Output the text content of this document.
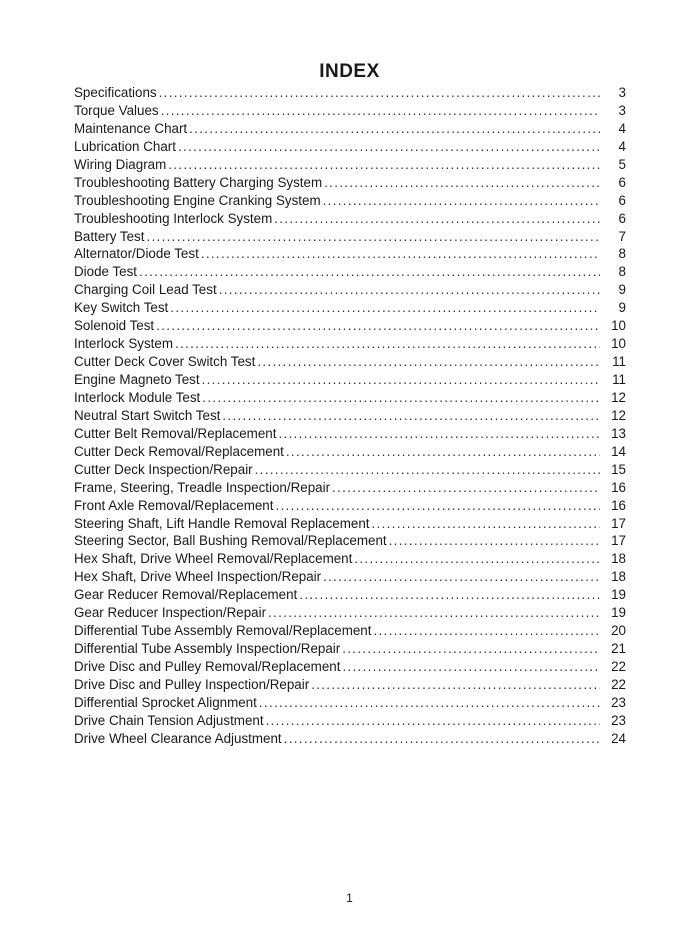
INDEX
Specifications . . .	3
Torque Values . . .	3
Maintenance Chart . . .	4
Lubrication Chart . . .	4
Wiring Diagram . . .	5
Troubleshooting Battery Charging System . . .	6
Troubleshooting Engine Cranking System . . .	6
Troubleshooting Interlock System . . .	6
Battery Test . . .	7
Alternator/Diode Test . . .	8
Diode Test . . .	8
Charging Coil Lead Test . . .	9
Key Switch Test . . .	9
Solenoid Test . . .	10
Interlock System . . .	10
Cutter Deck Cover Switch Test . . .	11
Engine Magneto Test . . .	11
Interlock Module Test . . .	12
Neutral Start Switch Test . . .	12
Cutter Belt Removal/Replacement . . .	13
Cutter Deck Removal/Replacement . . .	14
Cutter Deck Inspection/Repair . . .	15
Frame, Steering, Treadle Inspection/Repair . . .	16
Front Axle Removal/Replacement . . .	16
Steering Shaft, Lift Handle Removal Replacement . . .	17
Steering Sector, Ball Bushing Removal/Replacement . . .	17
Hex Shaft, Drive Wheel Removal/Replacement . . .	18
Hex Shaft, Drive Wheel Inspection/Repair . . .	18
Gear Reducer Removal/Replacement . . .	19
Gear Reducer Inspection/Repair . . .	19
Differential Tube Assembly Removal/Replacement . . .	20
Differential Tube Assembly Inspection/Repair . . .	21
Drive Disc and Pulley Removal/Replacement . . .	22
Drive Disc and Pulley Inspection/Repair . . .	22
Differential Sprocket Alignment . . .	23
Drive Chain Tension Adjustment . . .	23
Drive Wheel Clearance Adjustment . . .	24
1
